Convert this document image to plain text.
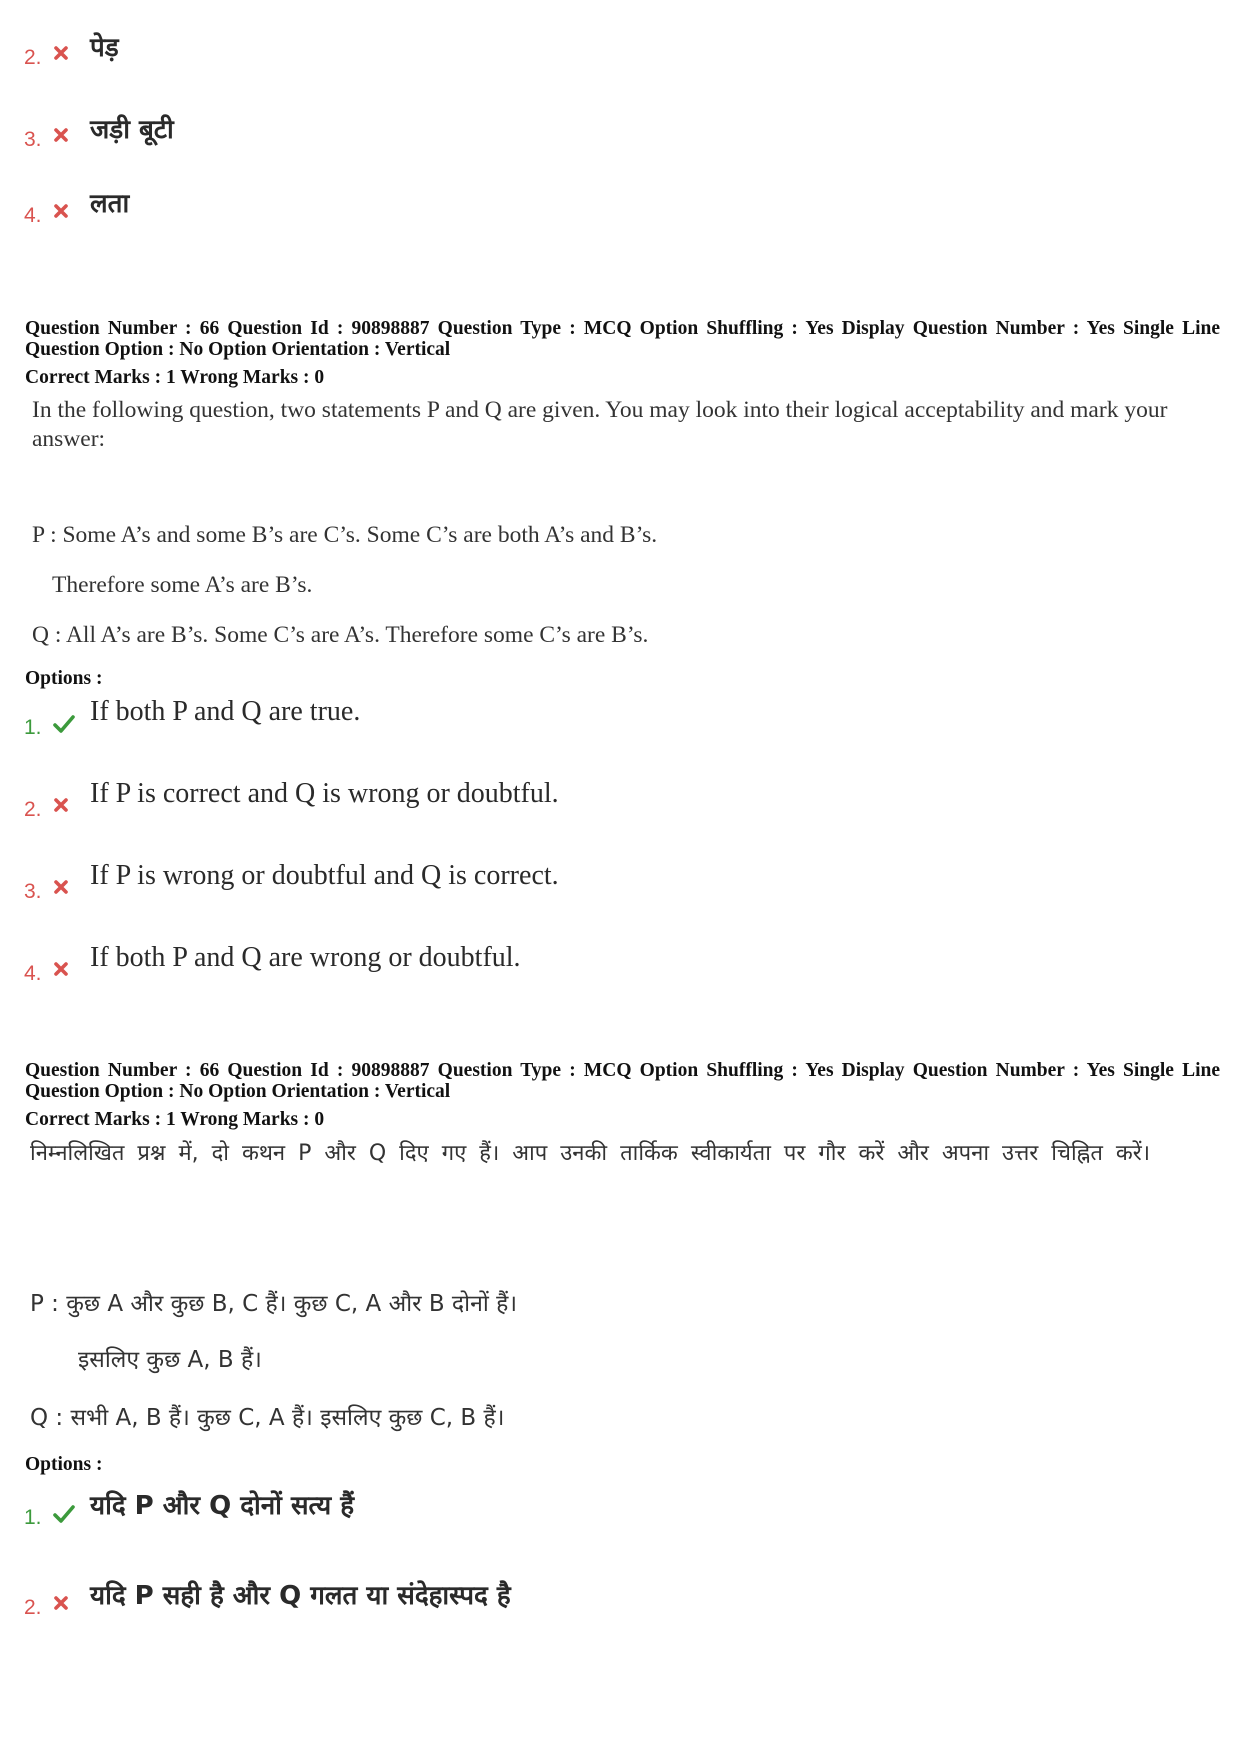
2. पेड़
3. जड़ी बूटी
4. लता
Question Number : 66 Question Id : 90898887 Question Type : MCQ Option Shuffling : Yes Display Question Number : Yes Single Line Question Option : No Option Orientation : Vertical
Correct Marks : 1 Wrong Marks : 0
In the following question, two statements P and Q are given. You may look into their logical acceptability and mark your answer:
P : Some A’s and some B’s are C’s. Some C’s are both A’s and B’s.
Therefore some A’s are B’s.
Q : All A’s are B’s. Some C’s are A’s. Therefore some C’s are B’s.
Options :
1.
If both P and Q are true.
2.
If P is correct and Q is wrong or doubtful.
3.
If P is wrong or doubtful and Q is correct.
4.
If both P and Q are wrong or doubtful.
Question Number : 66 Question Id : 90898887 Question Type : MCQ Option Shuffling : Yes Display Question Number : Yes Single Line Question Option : No Option Orientation : Vertical
Correct Marks : 1 Wrong Marks : 0
निम्नलिखित प्रश्न में, दो कथन P और Q दिए गए हैं। आप उनकी तार्किक स्वीकार्यता पर गौर करें और अपना उत्तर चिह्नित करें।
P : कुछ A और कुछ B, C हैं। कुछ C, A और B दोनों हैं।
इसलिए कुछ A, B हैं।
Q : सभी A, B हैं। कुछ C, A हैं। इसलिए कुछ C, B हैं।
Options :
1. यदि P और Q दोनों सत्य हैं
2. यदि P सही है और Q गलत या संदेहास्पद है
